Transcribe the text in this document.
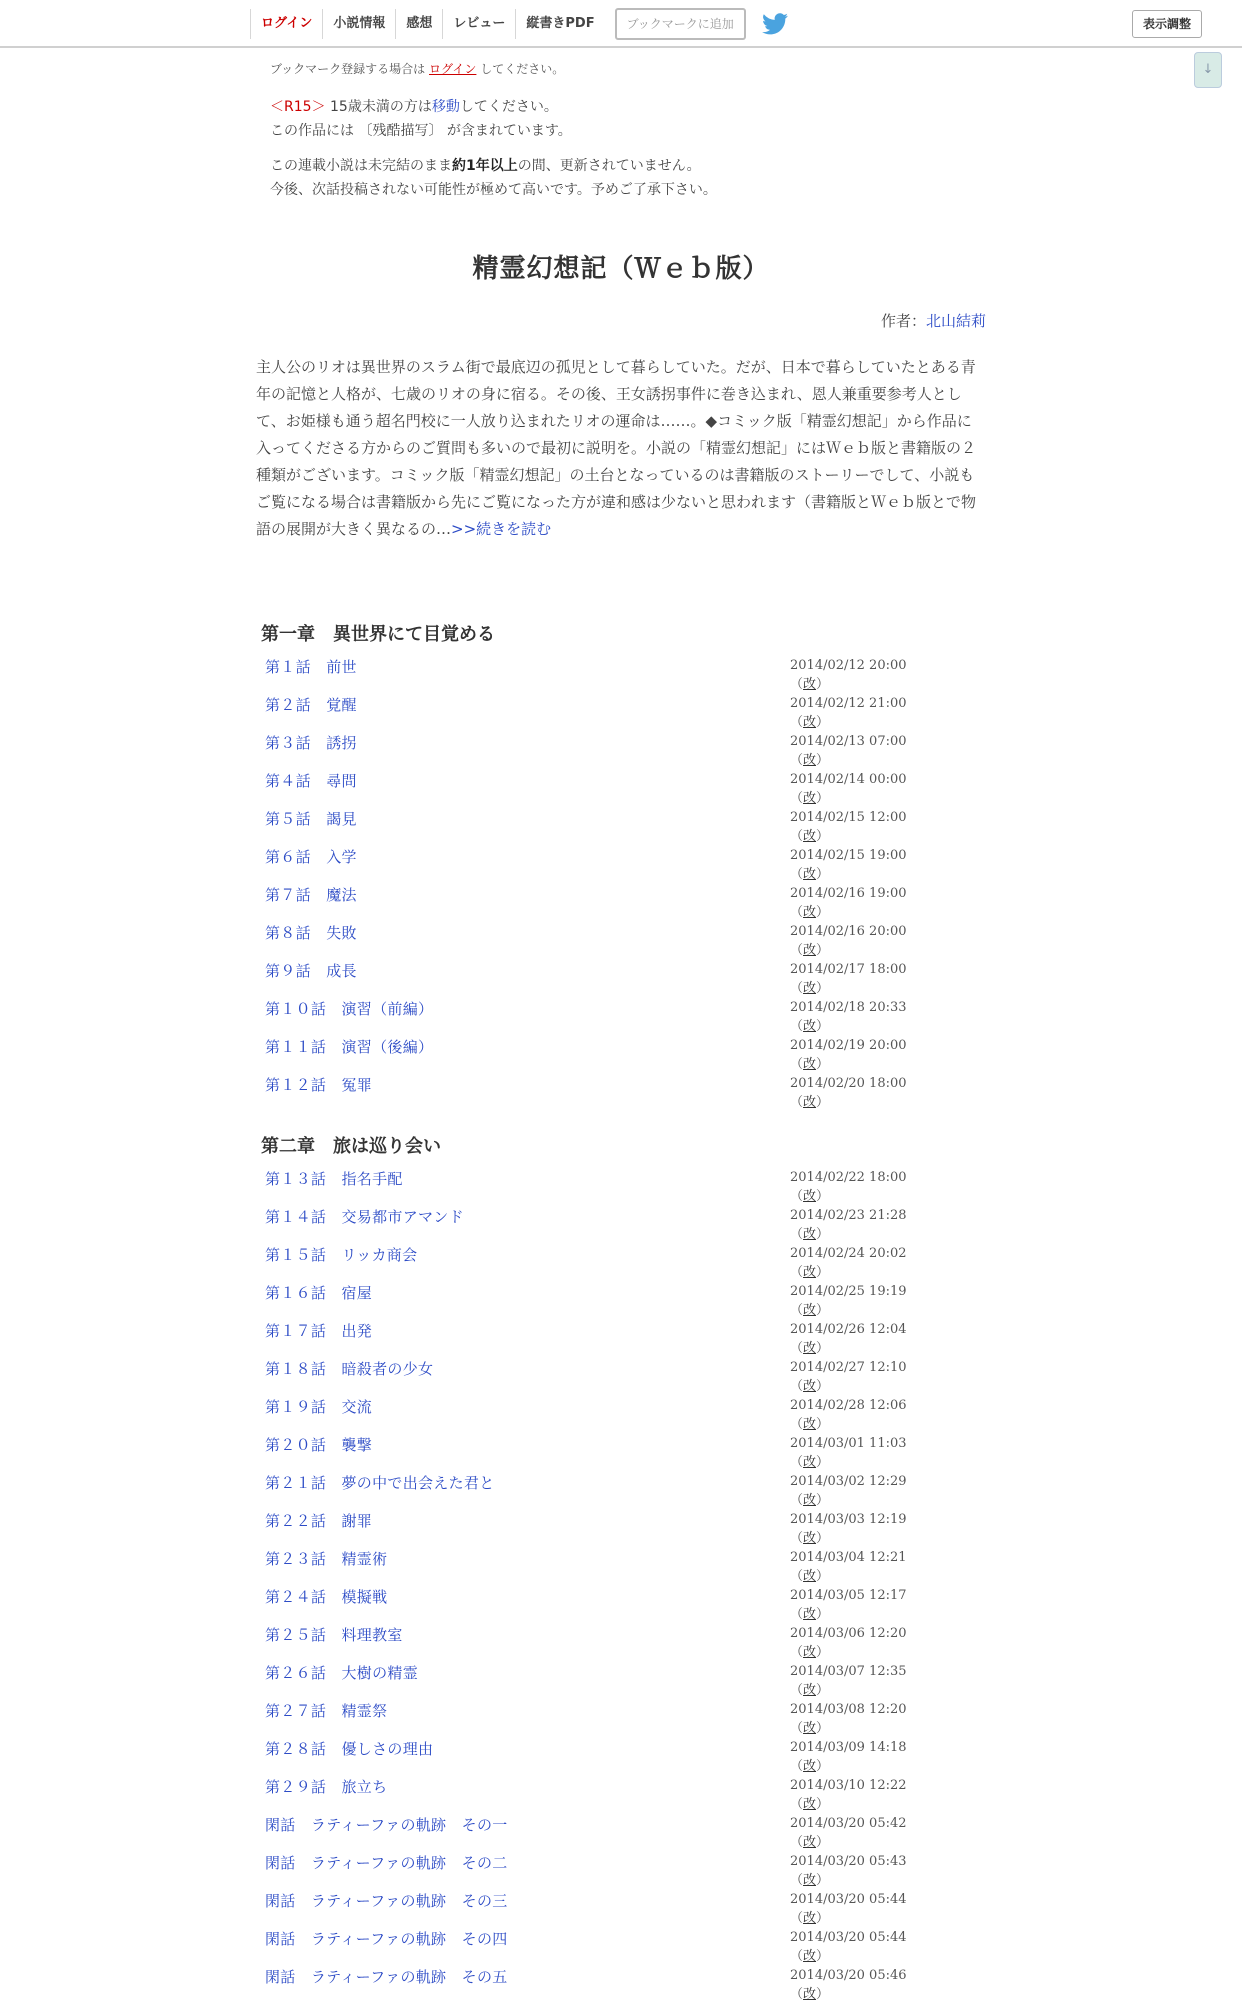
ログイン	小説情報	感想	レビュー	縦書きPDF	ブックマークに追加	表示調整
↓
ブックマーク登録する場合は ログイン してください。
＜R15＞ 15歳未満の方は移動してください。
この作品には 〔残酷描写〕 が含まれています。
この連載小説は未完結のまま約1年以上の間、更新されていません。
今後、次話投稿されない可能性が極めて高いです。予めご了承下さい。
精霊幻想記（Ｗｅｂ版）
作者：北山結莉
主人公のリオは異世界のスラム街で最底辺の孤児として暮らしていた。だが、日本で暮らしていたとある青年の記憶と人格が、七歳のリオの身に宿る。その後、王女誘拐事件に巻き込まれ、恩人兼重要参考人として、お姫様も通う超名門校に一人放り込まれたリオの運命は……。◆コミック版「精霊幻想記」から作品に入ってくださる方からのご質問も多いので最初に説明を。小説の「精霊幻想記」にはＷｅｂ版と書籍版の２種類がございます。コミック版「精霊幻想記」の土台となっているのは書籍版のストーリーでして、小説もご覧になる場合は書籍版から先にご覧になった方が違和感は少ないと思われます（書籍版とＷｅｂ版とで物語の展開が大きく異なるの…>>続きを読む
第一章　異世界にて目覚める
第１話　前世	2014/02/12 20:00（改）
第２話　覚醒	2014/02/12 21:00（改）
第３話　誘拐	2014/02/13 07:00（改）
第４話　尋問	2014/02/14 00:00（改）
第５話　謁見	2014/02/15 12:00（改）
第６話　入学	2014/02/15 19:00（改）
第７話　魔法	2014/02/16 19:00（改）
第８話　失敗	2014/02/16 20:00（改）
第９話　成長	2014/02/17 18:00（改）
第１０話　演習（前編）	2014/02/18 20:33（改）
第１１話　演習（後編）	2014/02/19 20:00（改）
第１２話　冤罪	2014/02/20 18:00（改）
第二章　旅は巡り会い
第１３話　指名手配	2014/02/22 18:00（改）
第１４話　交易都市アマンド	2014/02/23 21:28（改）
第１５話　リッカ商会	2014/02/24 20:02（改）
第１６話　宿屋	2014/02/25 19:19（改）
第１７話　出発	2014/02/26 12:04（改）
第１８話　暗殺者の少女	2014/02/27 12:10（改）
第１９話　交流	2014/02/28 12:06（改）
第２０話　襲撃	2014/03/01 11:03（改）
第２１話　夢の中で出会えた君と	2014/03/02 12:29（改）
第２２話　謝罪	2014/03/03 12:19（改）
第２３話　精霊術	2014/03/04 12:21（改）
第２４話　模擬戦	2014/03/05 12:17（改）
第２５話　料理教室	2014/03/06 12:20（改）
第２６話　大樹の精霊	2014/03/07 12:35（改）
第２７話　精霊祭	2014/03/08 12:20（改）
第２８話　優しさの理由	2014/03/09 14:18（改）
第２９話　旅立ち	2014/03/10 12:22（改）
閑話　ラティーファの軌跡　その一	2014/03/20 05:42（改）
閑話　ラティーファの軌跡　その二	2014/03/20 05:43（改）
閑話　ラティーファの軌跡　その三	2014/03/20 05:44（改）
閑話　ラティーファの軌跡　その四	2014/03/20 05:44（改）
閑話　ラティーファの軌跡　その五	2014/03/20 05:46（改）
